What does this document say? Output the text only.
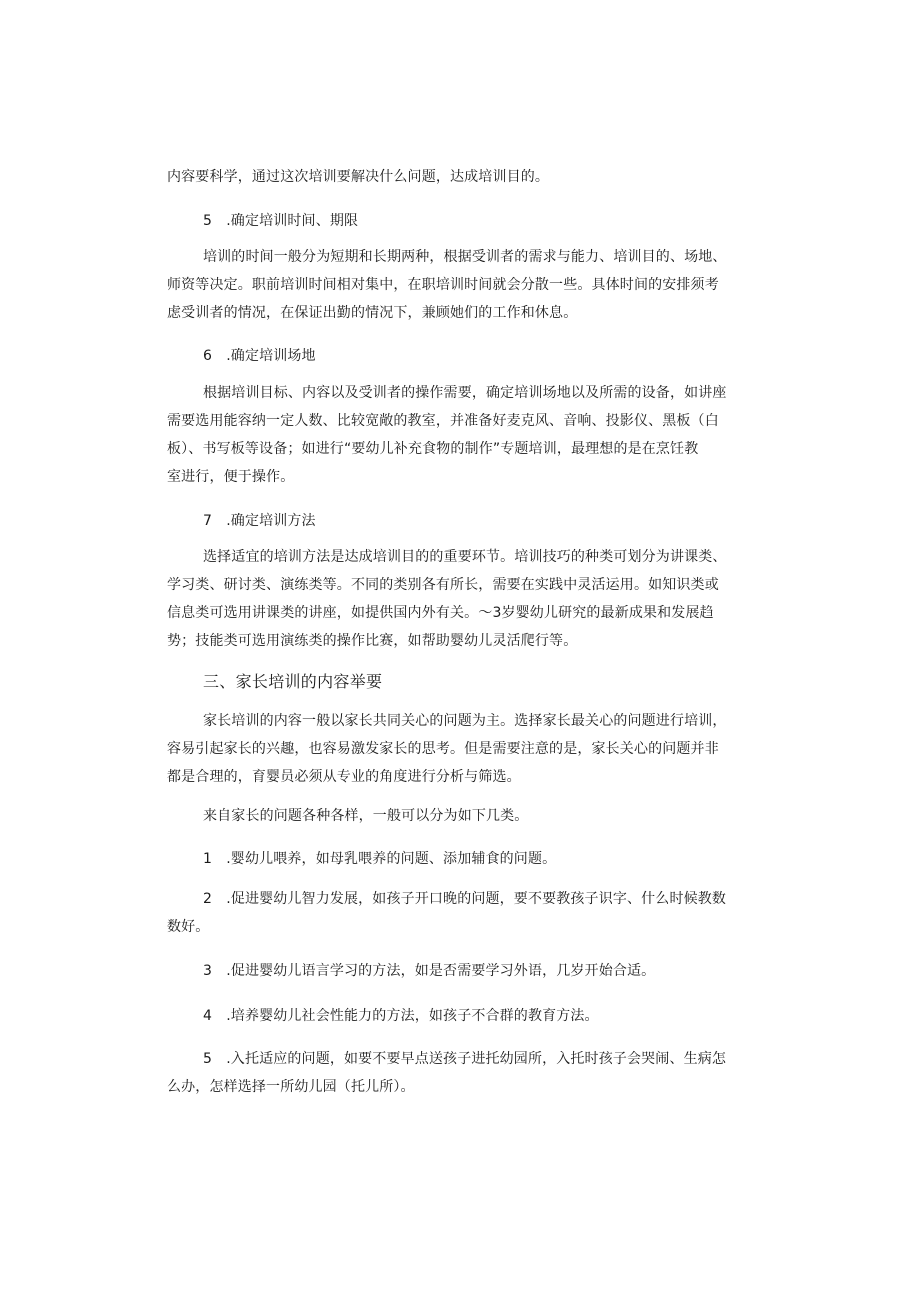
内容要科学，通过这次培训要解决什么问题，达成培训目的。
5　.确定培训时间、期限
培训的时间一般分为短期和长期两种，根据受训者的需求与能力、培训目的、场地、
师资等决定。职前培训时间相对集中，在职培训时间就会分散一些。具体时间的安排须考
虑受训者的情况，在保证出勤的情况下，兼顾她们的工作和休息。
6　.确定培训场地
根据培训目标、内容以及受训者的操作需要，确定培训场地以及所需的设备，如讲座
需要选用能容纳一定人数、比较宽敞的教室，并准备好麦克风、音响、投影仪、黑板（白
板）、书写板等设备；如进行“要幼儿补充食物的制作”专题培训，最理想的是在烹饪教
室进行，便于操作。
7　.确定培训方法
选择适宜的培训方法是达成培训目的的重要环节。培训技巧的种类可划分为讲课类、
学习类、研讨类、演练类等。不同的类别各有所长，需要在实践中灵活运用。如知识类或
信息类可选用讲课类的讲座，如提供国内外有关。～3岁婴幼儿研究的最新成果和发展趋
势；技能类可选用演练类的操作比赛，如帮助婴幼儿灵活爬行等。
三、家长培训的内容举要
家长培训的内容一般以家长共同关心的问题为主。选择家长最关心的问题进行培训，
容易引起家长的兴趣，也容易激发家长的思考。但是需要注意的是，家长关心的问题并非
都是合理的，育婴员必须从专业的角度进行分析与筛选。
来自家长的问题各种各样，一般可以分为如下几类。
1　.婴幼儿喂养，如母乳喂养的问题、添加辅食的问题。
2　.促进婴幼儿智力发展，如孩子开口晚的问题，要不要教孩子识字、什么时候教数
数好。
3　.促进婴幼儿语言学习的方法，如是否需要学习外语，几岁开始合适。
4　.培养婴幼儿社会性能力的方法，如孩子不合群的教育方法。
5　.入托适应的问题，如要不要早点送孩子进托幼园所，入托时孩子会哭闹、生病怎
么办，怎样选择一所幼儿园（托儿所）。
